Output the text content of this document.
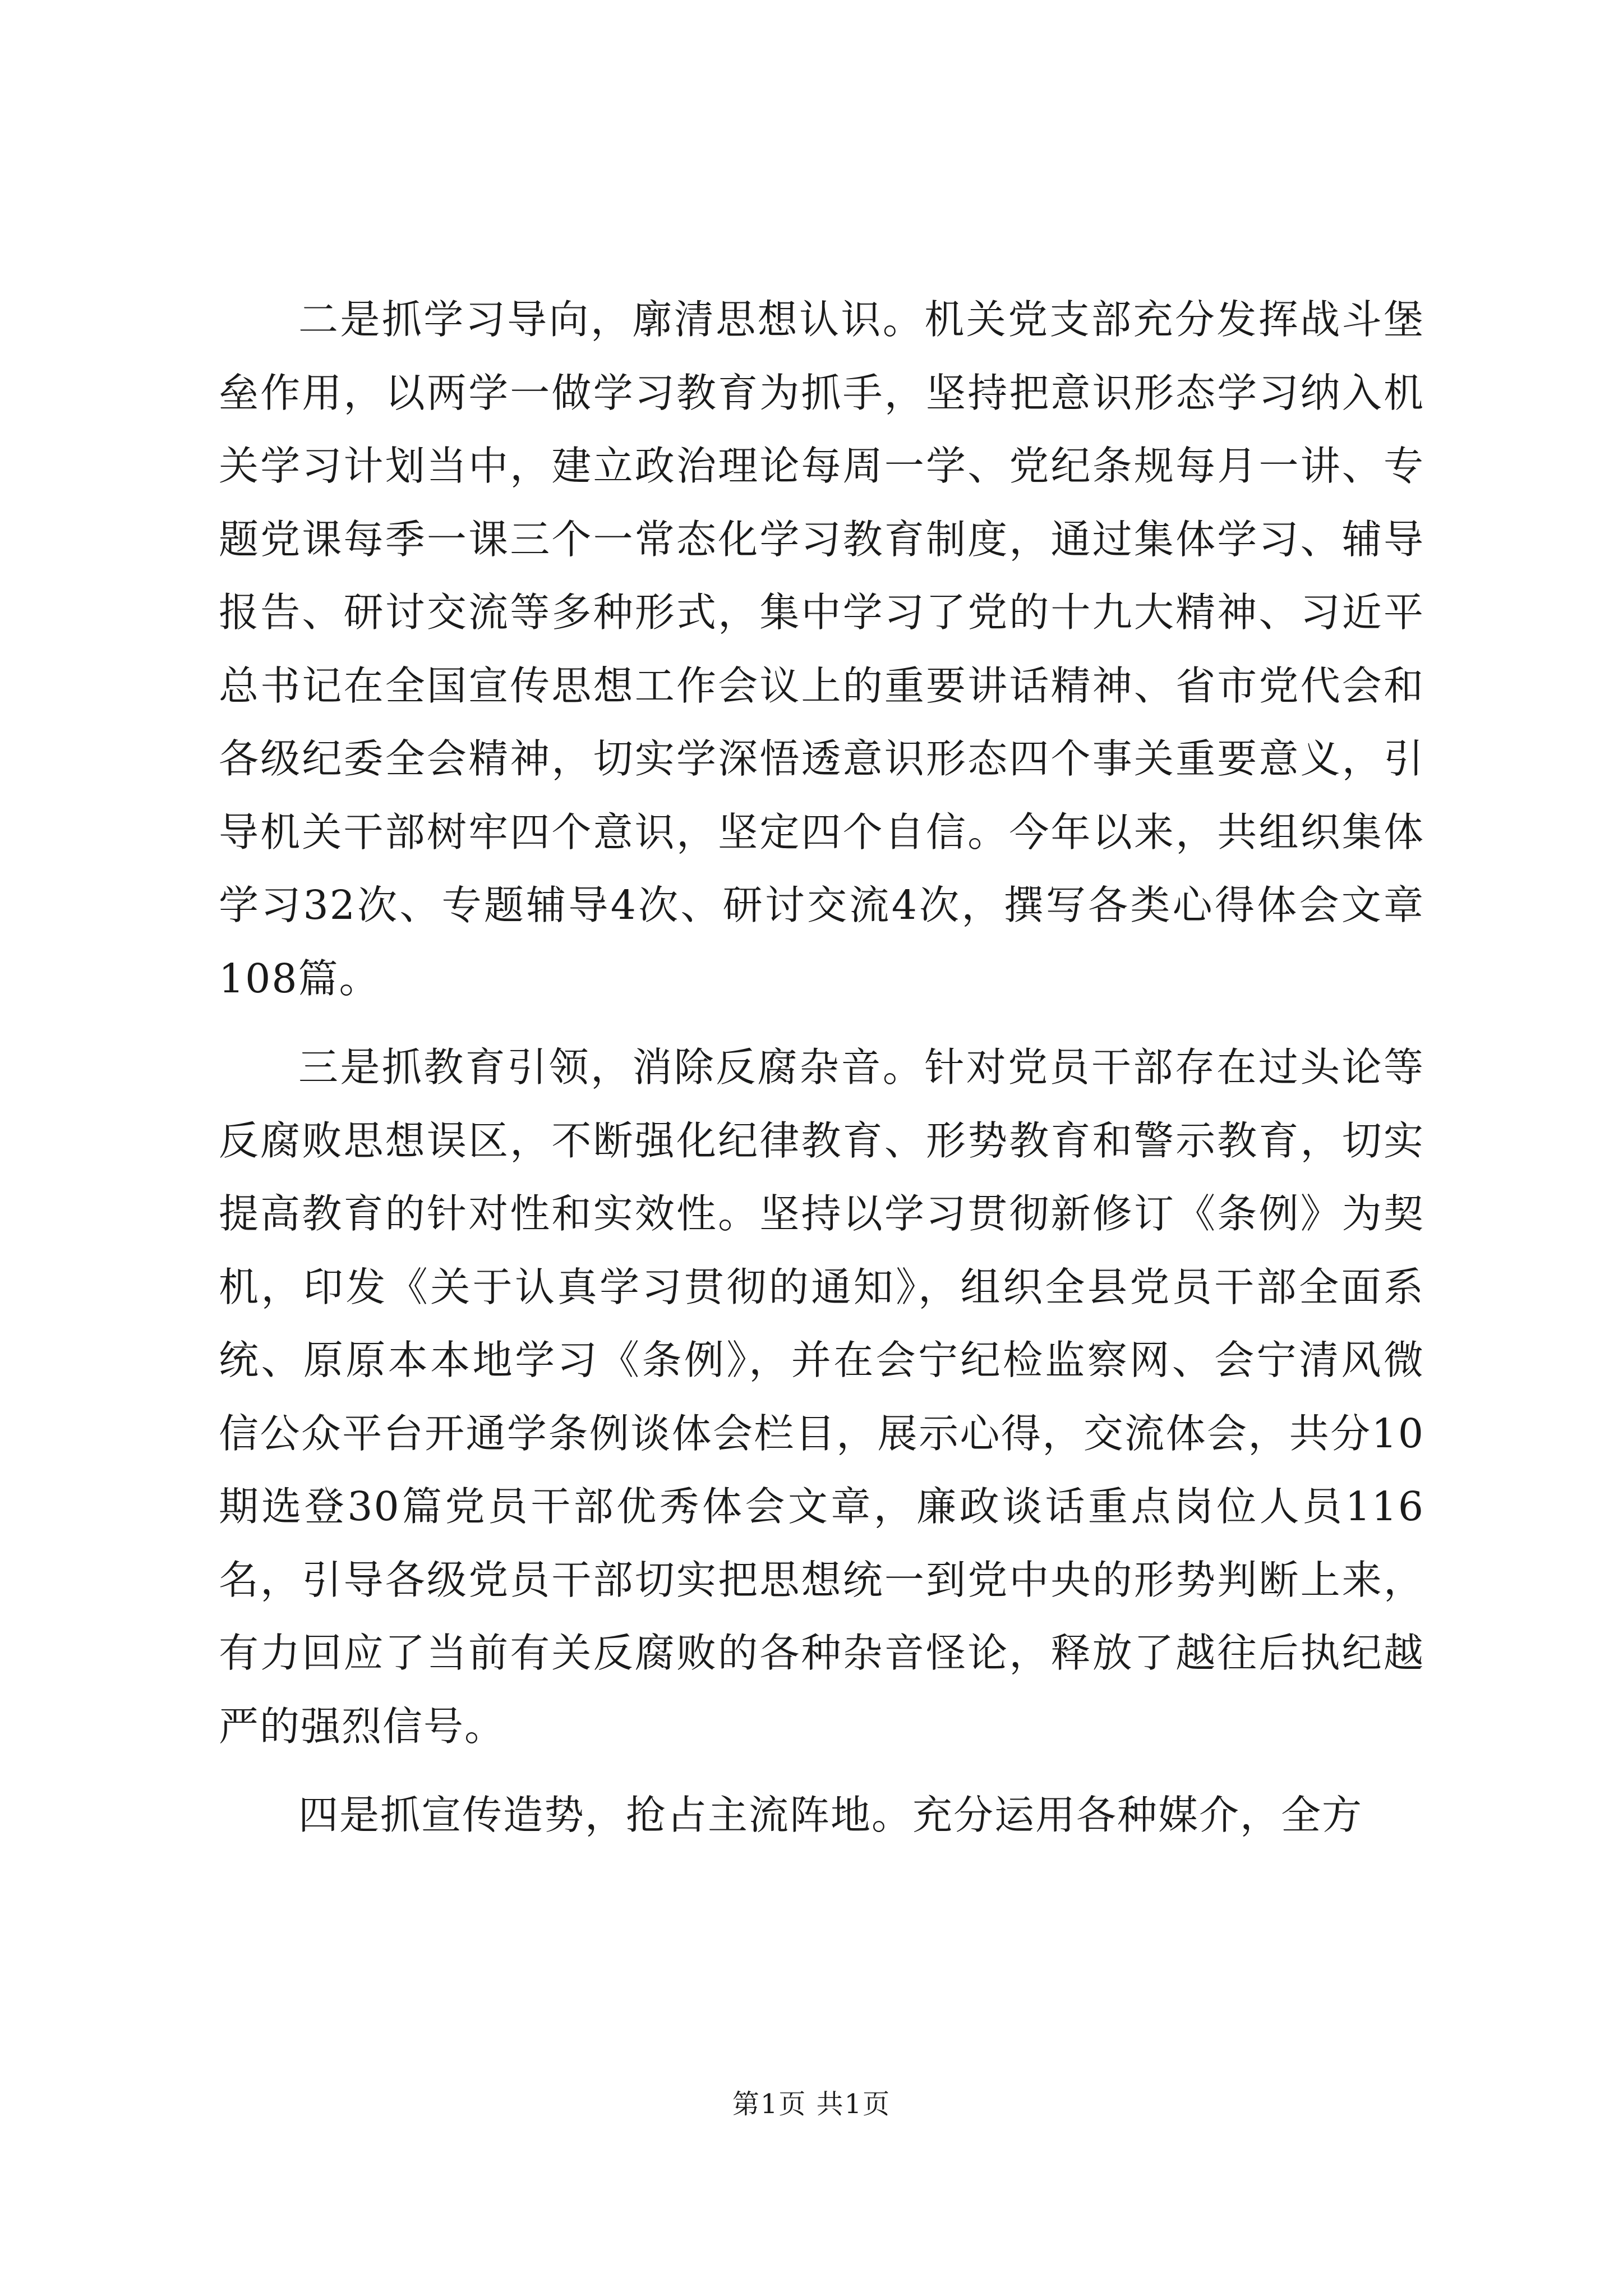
二是抓学习导向，廓清思想认识。机关党支部充分发挥战斗堡垒作用，以两学一做学习教育为抓手，坚持把意识形态学习纳入机关学习计划当中，建立政治理论每周一学、党纪条规每月一讲、专题党课每季一课三个一常态化学习教育制度，通过集体学习、辅导报告、研讨交流等多种形式，集中学习了党的十九大精神、习近平总书记在全国宣传思想工作会议上的重要讲话精神、省市党代会和各级纪委全会精神，切实学深悟透意识形态四个事关重要意义，引导机关干部树牢四个意识，坚定四个自信。今年以来，共组织集体学习32次、专题辅导4次、研讨交流4次，撰写各类心得体会文章108篇。

三是抓教育引领，消除反腐杂音。针对党员干部存在过头论等反腐败思想误区，不断强化纪律教育、形势教育和警示教育，切实提高教育的针对性和实效性。坚持以学习贯彻新修订《条例》为契机，印发《关于认真学习贯彻的通知》，组织全县党员干部全面系统、原原本本地学习《条例》，并在会宁纪检监察网、会宁清风微信公众平台开通学条例谈体会栏目，展示心得，交流体会，共分10期选登30篇党员干部优秀体会文章，廉政谈话重点岗位人员116名，引导各级党员干部切实把思想统一到党中央的形势判断上来，有力回应了当前有关反腐败的各种杂音怪论，释放了越往后执纪越严的强烈信号。

四是抓宣传造势，抢占主流阵地。充分运用各种媒介，全方

第1页 共1页
